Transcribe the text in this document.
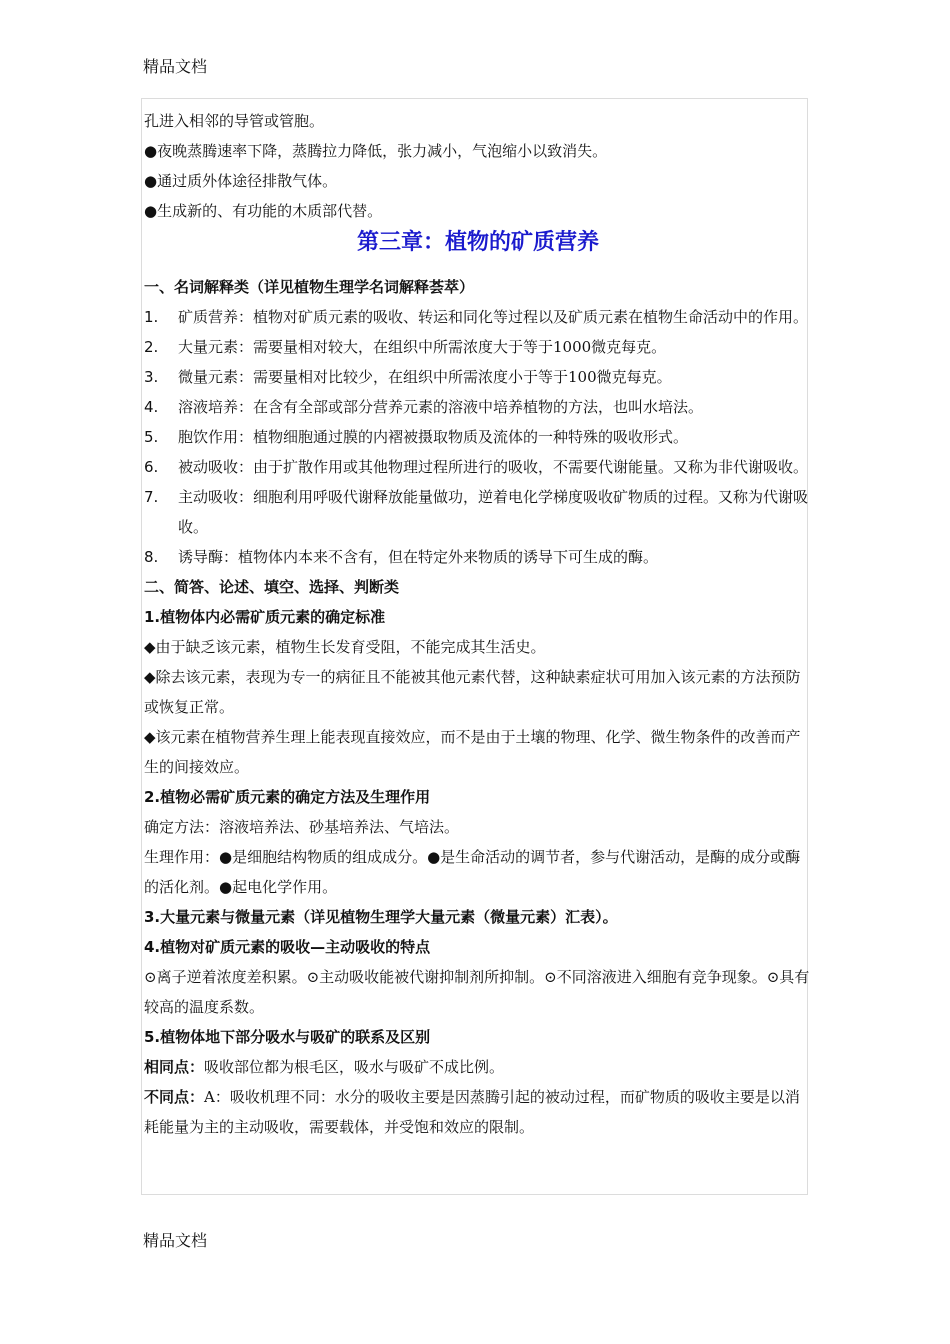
精品文档

孔进入相邻的导管或管胞。

●夜晚蒸腾速率下降，蒸腾拉力降低，张力减小，气泡缩小以致消失。

●通过质外体途径排散气体。

●生成新的、有功能的木质部代替。

第三章：植物的矿质营养
一、名词解释类（详见植物生理学名词解释荟萃）
1.	矿质营养：植物对矿质元素的吸收、转运和同化等过程以及矿质元素在植物生命活动中的作用。
2.	大量元素：需要量相对较大，在组织中所需浓度大于等于1000微克每克。
3.	微量元素：需要量相对比较少，在组织中所需浓度小于等于100微克每克。
4.	溶液培养：在含有全部或部分营养元素的溶液中培养植物的方法，也叫水培法。
5.	胞饮作用：植物细胞通过膜的内褶被摄取物质及流体的一种特殊的吸收形式。
6.	被动吸收：由于扩散作用或其他物理过程所进行的吸收，不需要代谢能量。又称为非代谢吸收。
7.	主动吸收：细胞利用呼吸代谢释放能量做功，逆着电化学梯度吸收矿物质的过程。又称为代谢吸收。
8.	诱导酶：植物体内本来不含有，但在特定外来物质的诱导下可生成的酶。
二、简答、论述、填空、选择、判断类
1.植物体内必需矿质元素的确定标准

◆由于缺乏该元素，植物生长发育受阻，不能完成其生活史。

◆除去该元素，表现为专一的病征且不能被其他元素代替，这种缺素症状可用加入该元素的方法预防或恢复正常。

◆该元素在植物营养生理上能表现直接效应，而不是由于土壤的物理、化学、微生物条件的改善而产生的间接效应。

2.植物必需矿质元素的确定方法及生理作用

确定方法：溶液培养法、砂基培养法、气培法。

生理作用：●是细胞结构物质的组成成分。●是生命活动的调节者，参与代谢活动，是酶的成分或酶的活化剂。●起电化学作用。

3.大量元素与微量元素（详见植物生理学大量元素（微量元素）汇表）。
4.植物对矿质元素的吸收—主动吸收的特点

⊙离子逆着浓度差积累。⊙主动吸收能被代谢抑制剂所抑制。⊙不同溶液进入细胞有竞争现象。⊙具有较高的温度系数。

5.植物体地下部分吸水与吸矿的联系及区别

相同点：吸收部位都为根毛区，吸水与吸矿不成比例。

不同点：A：吸收机理不同：水分的吸收主要是因蒸腾引起的被动过程，而矿物质的吸收主要是以消耗能量为主的主动吸收，需要载体，并受饱和效应的限制。

精品文档
